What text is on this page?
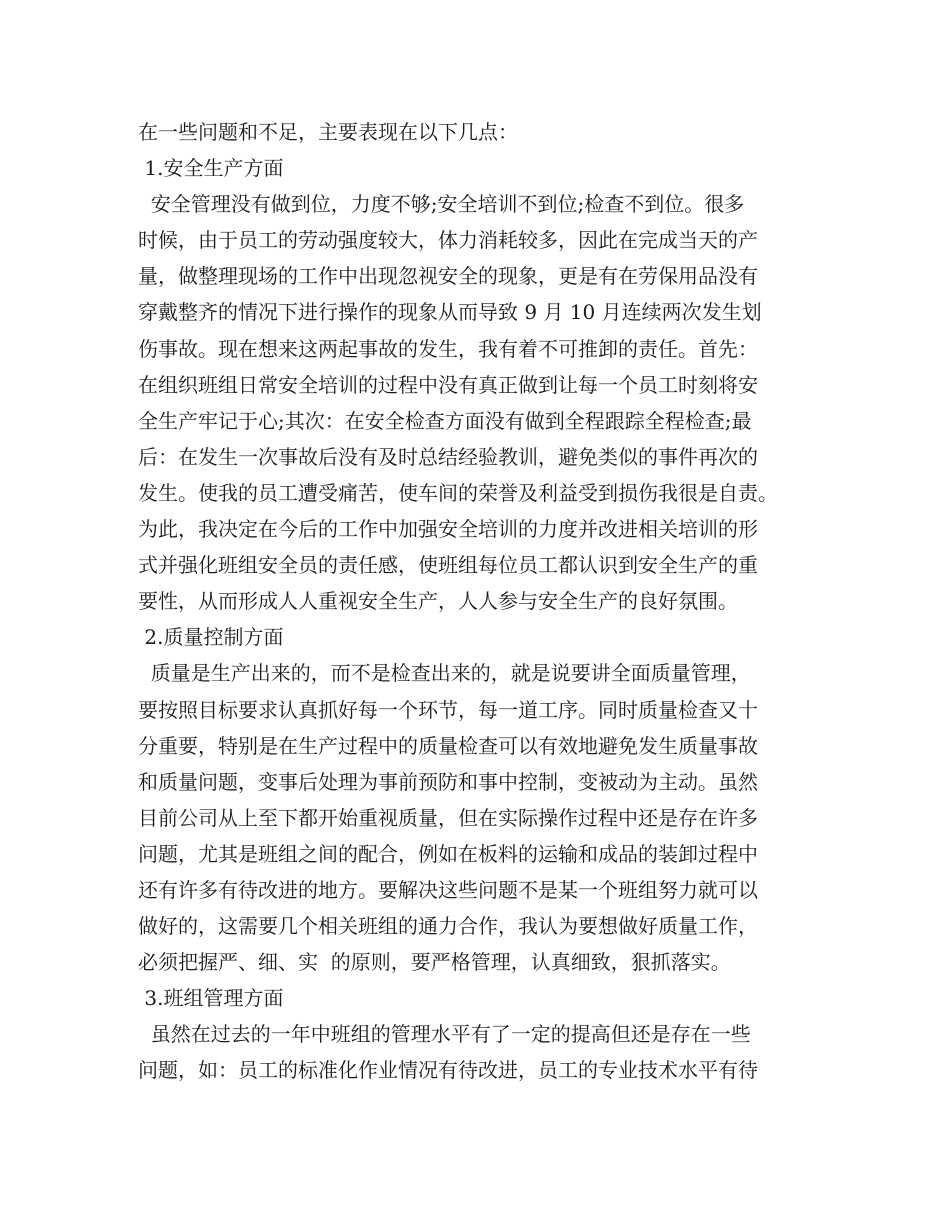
在一些问题和不足，主要表现在以下几点：
1.安全生产方面
安全管理没有做到位，力度不够;安全培训不到位;检查不到位。很多
时候，由于员工的劳动强度较大，体力消耗较多，因此在完成当天的产
量，做整理现场的工作中出现忽视安全的现象，更是有在劳保用品没有
穿戴整齐的情况下进行操作的现象从而导致 9 月 10 月连续两次发生划
伤事故。现在想来这两起事故的发生，我有着不可推卸的责任。首先：
在组织班组日常安全培训的过程中没有真正做到让每一个员工时刻将安
全生产牢记于心;其次：在安全检查方面没有做到全程跟踪全程检查;最
后：在发生一次事故后没有及时总结经验教训，避免类似的事件再次的
发生。使我的员工遭受痛苦，使车间的荣誉及利益受到损伤我很是自责。
为此，我决定在今后的工作中加强安全培训的力度并改进相关培训的形
式并强化班组安全员的责任感，使班组每位员工都认识到安全生产的重
要性，从而形成人人重视安全生产，人人参与安全生产的良好氛围。
2.质量控制方面
质量是生产出来的，而不是检查出来的，就是说要讲全面质量管理，
要按照目标要求认真抓好每一个环节，每一道工序。同时质量检查又十
分重要，特别是在生产过程中的质量检查可以有效地避免发生质量事故
和质量问题，变事后处理为事前预防和事中控制，变被动为主动。虽然
目前公司从上至下都开始重视质量，但在实际操作过程中还是存在许多
问题，尤其是班组之间的配合，例如在板料的运输和成品的装卸过程中
还有许多有待改进的地方。要解决这些问题不是某一个班组努力就可以
做好的，这需要几个相关班组的通力合作，我认为要想做好质量工作，
必须把握严、细、实  的原则，要严格管理，认真细致，狠抓落实。
3.班组管理方面
虽然在过去的一年中班组的管理水平有了一定的提高但还是存在一些
问题，如：员工的标准化作业情况有待改进，员工的专业技术水平有待
